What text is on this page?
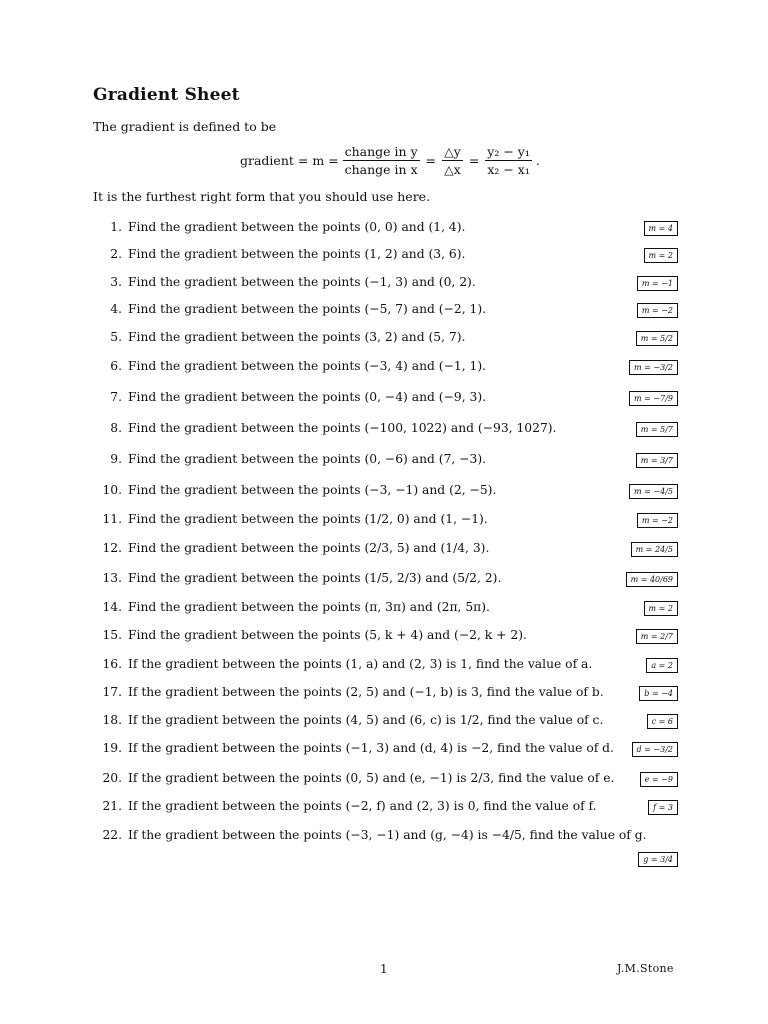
Gradient Sheet
The gradient is defined to be
gradient = $m = \frac{\text{change in y}}{\text{change in x}} = \frac{\triangle y}{\triangle x} = \frac{\text{y₂ − y₁}}{\text{x₂ − x₁}}$ .
It is the furthest right form that you should use here.
1. Find the gradient between the points (0, 0) and (1, 4).	m = 4
2. Find the gradient between the points (1, 2) and (3, 6).	m = 2
3. Find the gradient between the points (−1, 3) and (0, 2).	m = −1
4. Find the gradient between the points (−5, 7) and (−2, 1).	m = −2
5. Find the gradient between the points (3, 2) and (5, 7).	m = 5/2
6. Find the gradient between the points (−3, 4) and (−1, 1).	m = −3/2
7. Find the gradient between the points (0, −4) and (−9, 3).	m = −7/9
8. Find the gradient between the points (−100, 1022) and (−93, 1027).	m = 5/7
9. Find the gradient between the points (0, −6) and (7, −3).	m = 3/7
10. Find the gradient between the points (−3, −1) and (2, −5).	m = −4/5
11. Find the gradient between the points (1/2, 0) and (1, −1).	m = −2
12. Find the gradient between the points (2/3, 5) and (1/4, 3).	m = 24/5
13. Find the gradient between the points (1/5, 2/3) and (5/2, 2).	m = 40/69
14. Find the gradient between the points (π, 3π) and (2π, 5π).	m = 2
15. Find the gradient between the points (5, k + 4) and (−2, k + 2).	m = 2/7
16. If the gradient between the points (1, a) and (2, 3) is 1, find the value of a.	a = 2
17. If the gradient between the points (2, 5) and (−1, b) is 3, find the value of b.	b = −4
18. If the gradient between the points (4, 5) and (6, c) is 1/2, find the value of c.	c = 6
19. If the gradient between the points (−1, 3) and (d, 4) is −2, find the value of d.	d = −3/2
20. If the gradient between the points (0, 5) and (e, −1) is 2/3, find the value of e.	e = −9
21. If the gradient between the points (−2, f) and (2, 3) is 0, find the value of f.	f = 3
22. If the gradient between the points (−3, −1) and (g, −4) is −4/5, find the value of g.
g = 3/4
1	J.M.Stone
